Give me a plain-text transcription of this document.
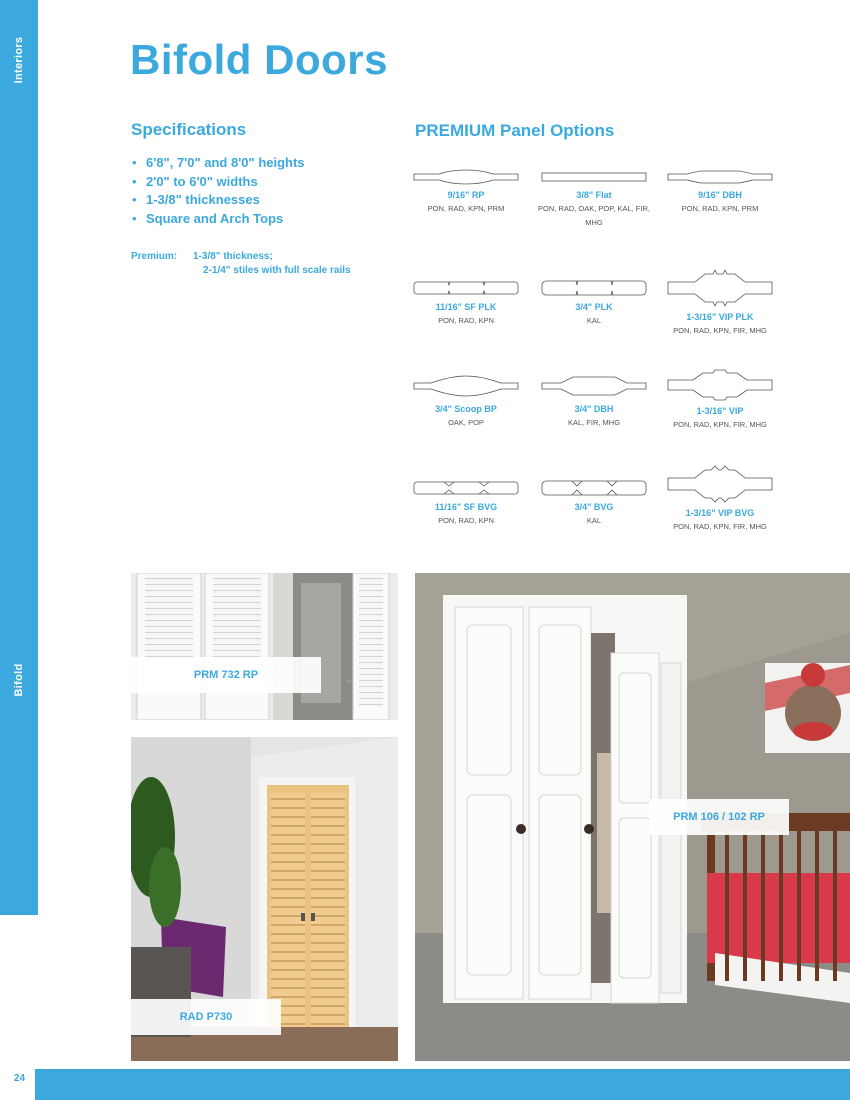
Interiors
Bifold
Bifold Doors
Specifications
• 6'8", 7'0" and 8'0" heights
• 2'0" to 6'0" widths
• 1-3/8" thicknesses
• Square and Arch Tops
Premium: 1-3/8" thickness;
2-1/4" stiles with full scale rails
PREMIUM Panel Options
9/16" RP
PON, RAD, KPN, PRM
3/8" Flat
PON, RAD, OAK, POP, KAL, FIR, MHG
9/16" DBH
PON, RAD, KPN, PRM
11/16" SF PLK
PON, RAD, KPN
3/4" PLK
KAL	1-3/16" VIP PLK
PON, RAD, KPN, FIR, MHG
3/4" Scoop BP
OAK, POP
3/4" DBH
KAL, FIR, MHG
1-3/16" VIP
PON, RAD, KPN, FIR, MHG
11/16" SF BVG
PON, RAD, KPN
3/4" BVG
KAL
1-3/16" VIP BVG
PON, RAD, KPN, FIR, MHG
PRM 732 RP
RAD P730
PRM 106 / 102 RP
24
